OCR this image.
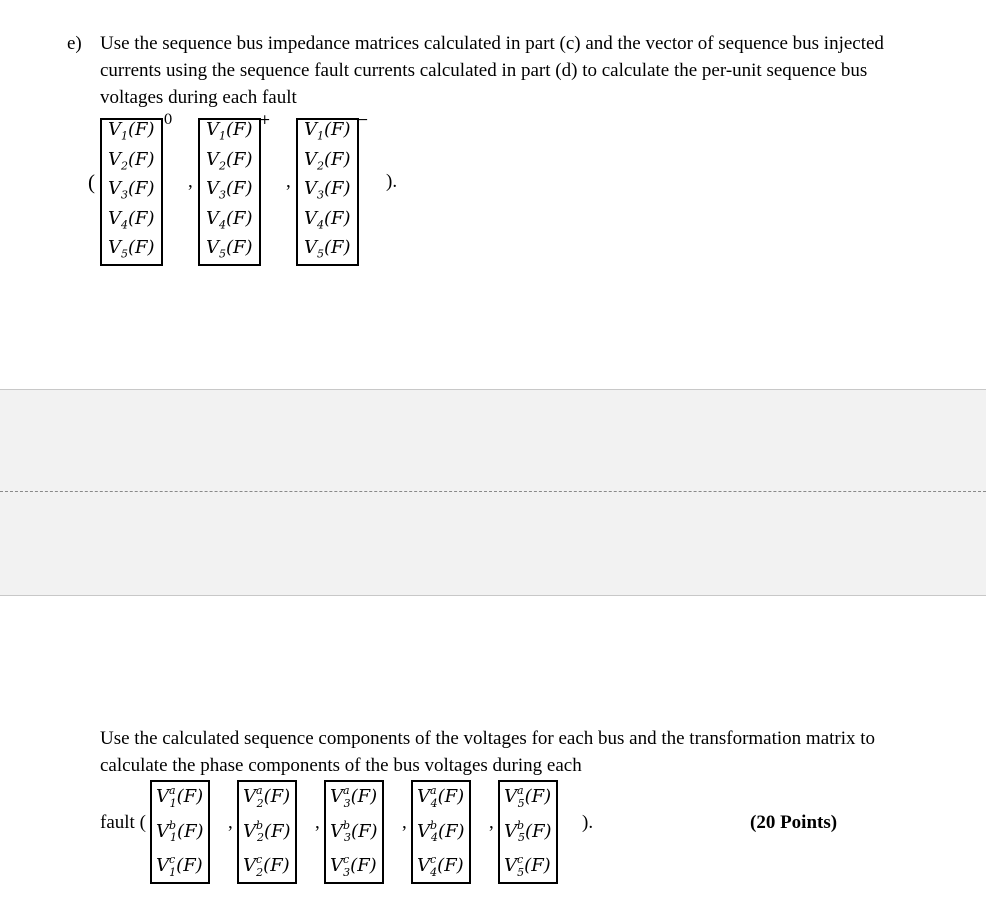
e) Use the sequence bus impedance matrices calculated in part (c) and the vector of sequence bus injected currents using the sequence fault currents calculated in part (d) to calculate the per-unit sequence bus voltages during each fault

(
$V_1(F)$
$V_2(F)$
$V_3(F)$
$V_4(F)$
$V_5(F)$
0
,
$V_1(F)$
$V_2(F)$
$V_3(F)$
$V_4(F)$
$V_5(F)$
+
,
$V_1(F)$
$V_2(F)$
$V_3(F)$
$V_4(F)$
$V_5(F)$
−
).

Use the calculated sequence components of the voltages for each bus and the transformation matrix to calculate the phase components of the bus voltages during each

fault (
$V^a_1(F)$
$V^b_1(F)$
$V^c_1(F)$
,
$V^a_2(F)$
$V^b_2(F)$
$V^c_2(F)$
,
$V^a_3(F)$
$V^b_3(F)$
$V^c_3(F)$
,
$V^a_4(F)$
$V^b_4(F)$
$V^c_4(F)$
,
$V^a_5(F)$
$V^b_5(F)$
$V^c_5(F)$
).	(20 Points)
